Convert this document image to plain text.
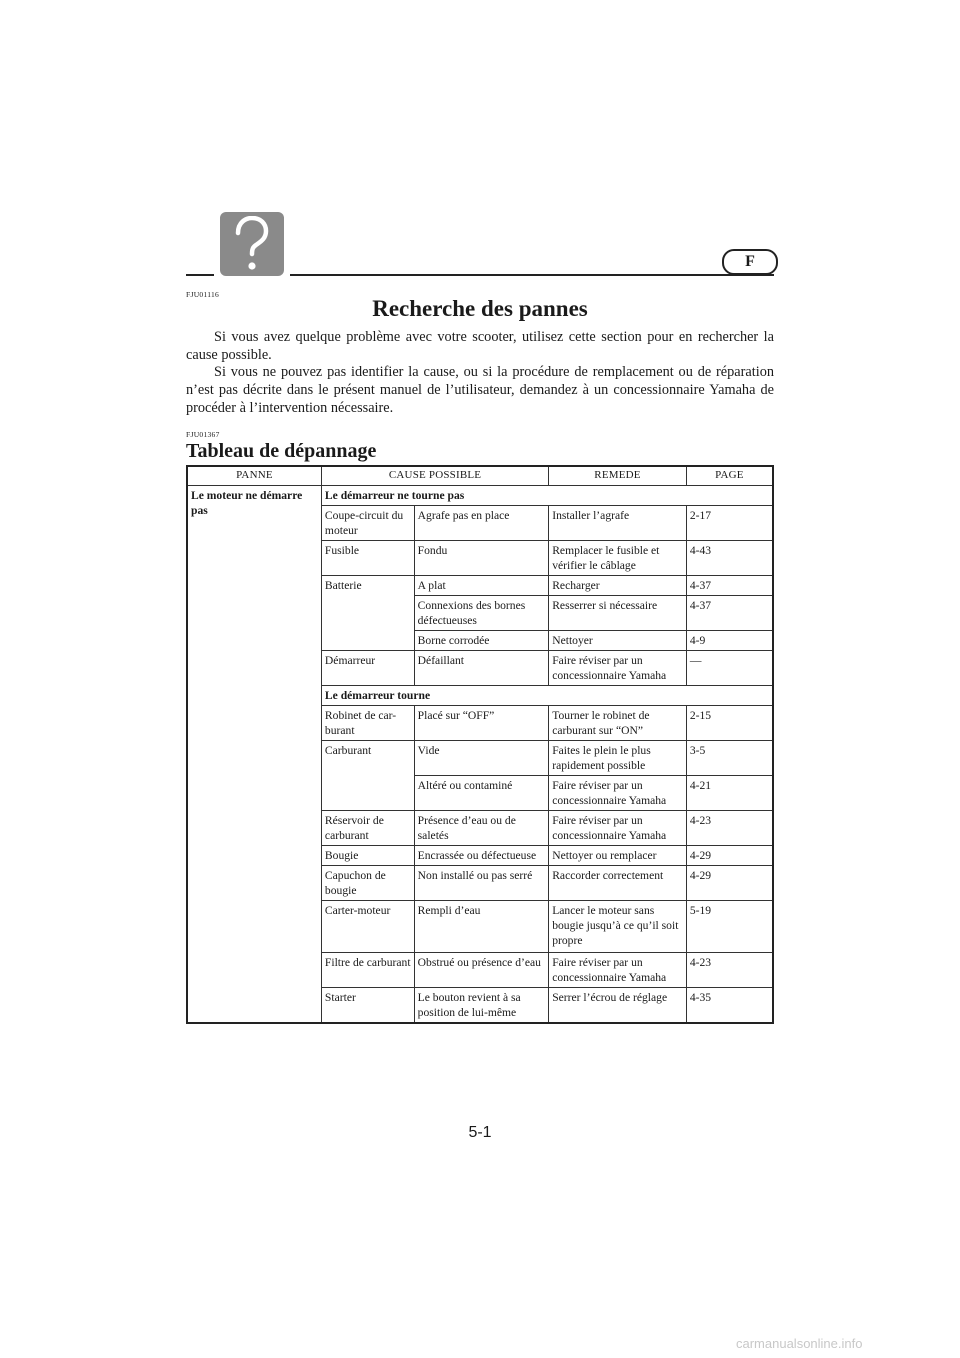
F
FJU01116
Recherche des pannes

Si vous avez quelque problème avec votre scooter, utilisez cette section pour en rechercher la cause possible.

Si vous ne pouvez pas identifier la cause, ou si la procédure de remplacement ou de réparation n’est pas décrite dans le présent manuel de l’utilisateur, demandez à un concessionnaire Yamaha de procéder à l’intervention nécessaire.

FJU01367
Tableau de dépannage
PANNE	CAUSE POSSIBLE		REMEDE	PAGE
Le moteur ne démarre pas	Le démarreur ne tourne pas			
	Coupe-circuit du moteur	Agrafe pas en place	Installer l’agrafe	2-17
	Fusible	Fondu	Remplacer le fusible et vérifier le câblage	4-43
	Batterie	A plat	Recharger	4-37
		Connexions des bornes défectueuses	Resserrer si nécessaire	4-37
		Borne corrodée	Nettoyer	4-9
	Démarreur	Défaillant	Faire réviser par un concessionnaire Yamaha	—
	Le démarreur tourne			
	Robinet de car-burant	Placé sur “OFF”	Tourner le robinet de carburant sur “ON”	2-15
	Carburant	Vide	Faites le plein le plus rapidement possible	3-5
		Altéré ou contaminé	Faire réviser par un concessionnaire Yamaha	4-21
	Réservoir de carburant	Présence d’eau ou de saletés	Faire réviser par un concessionnaire Yamaha	4-23
	Bougie	Encrassée ou défectueuse	Nettoyer ou remplacer	4-29
	Capuchon de bougie	Non installé ou pas serré	Raccorder correctement	4-29
	Carter-moteur	Rempli d’eau	Lancer le moteur sans bougie jusqu’à ce qu’il soit propre	5-19
	Filtre de carburant	Obstrué ou présence d’eau	Faire réviser par un concessionnaire Yamaha	4-23
	Starter	Le bouton revient à sa position de lui-même	Serrer l’écrou de réglage	4-35
5-1
carmanualsonline.info
